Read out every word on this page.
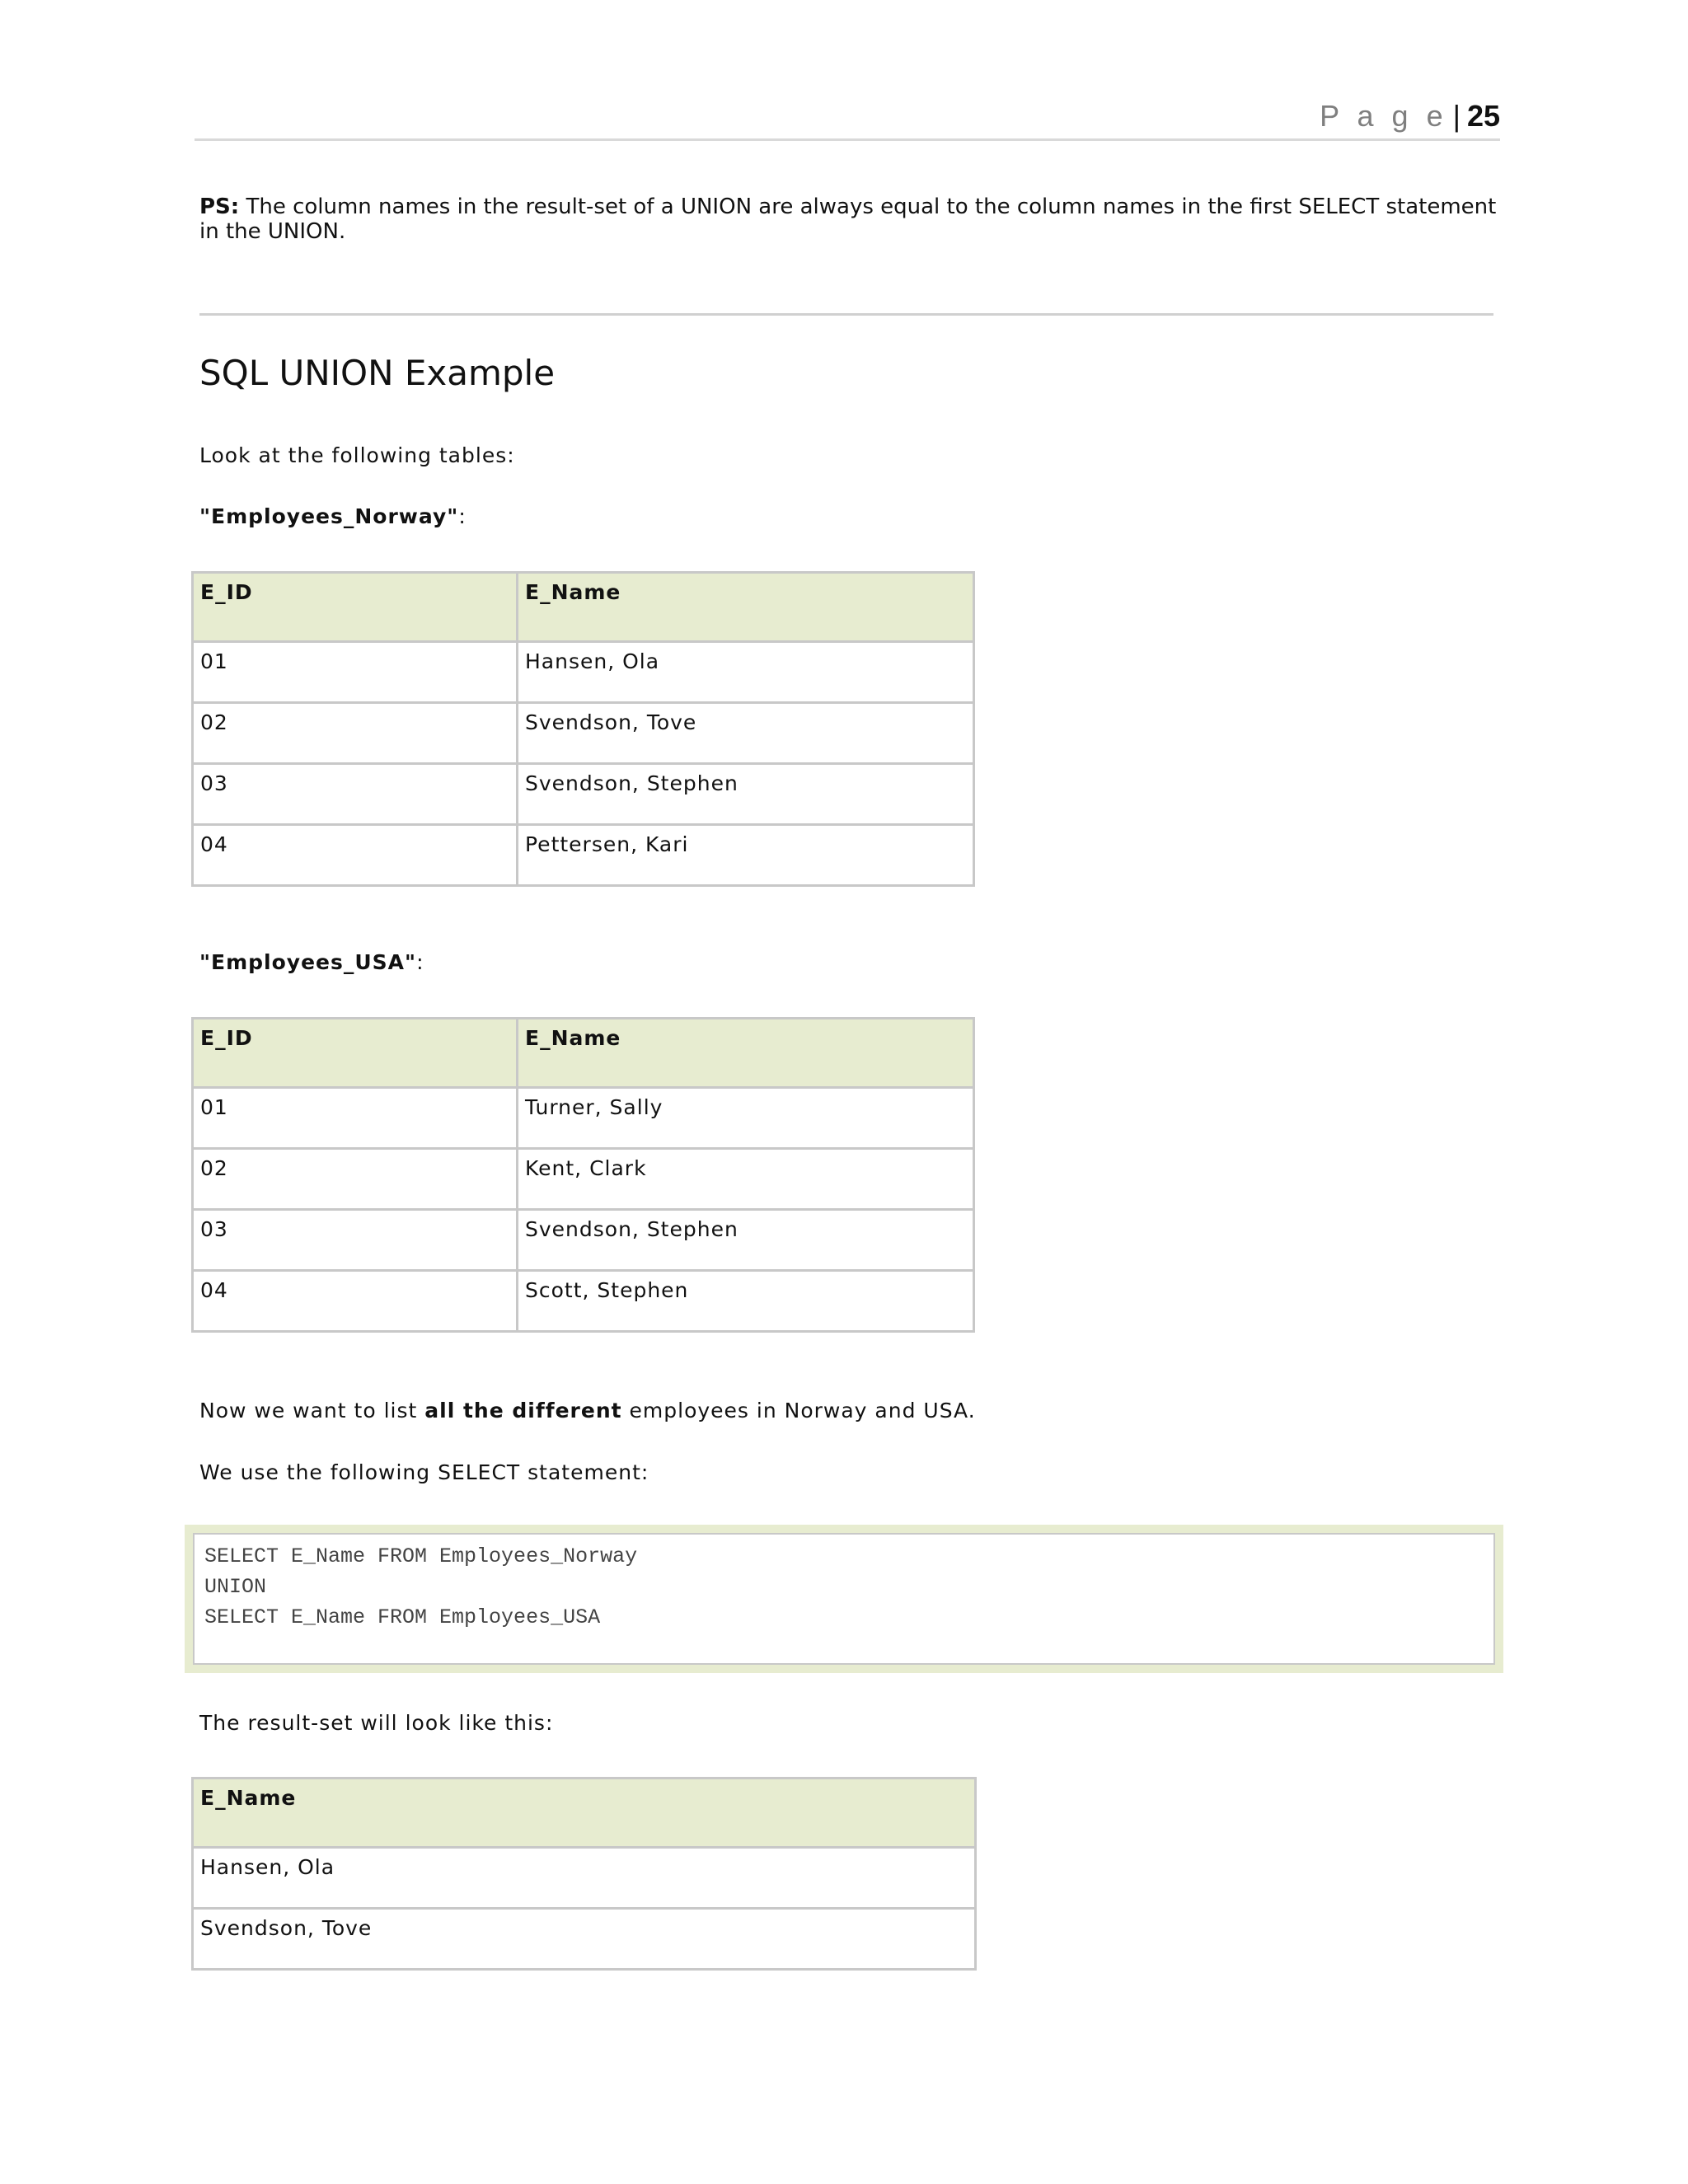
P a g e | 25

PS: The column names in the result-set of a UNION are always equal to the column names in the first SELECT statement in the UNION.

SQL UNION Example

Look at the following tables:

"Employees_Norway":

E_ID	E_Name
01	Hansen, Ola
02	Svendson, Tove
03	Svendson, Stephen
04	Pettersen, Kari

"Employees_USA":

E_ID	E_Name
01	Turner, Sally
02	Kent, Clark
03	Svendson, Stephen
04	Scott, Stephen

Now we want to list all the different employees in Norway and USA.

We use the following SELECT statement:

SELECT E_Name FROM Employees_Norway
UNION
SELECT E_Name FROM Employees_USA

The result-set will look like this:

E_Name
Hansen, Ola
Svendson, Tove
